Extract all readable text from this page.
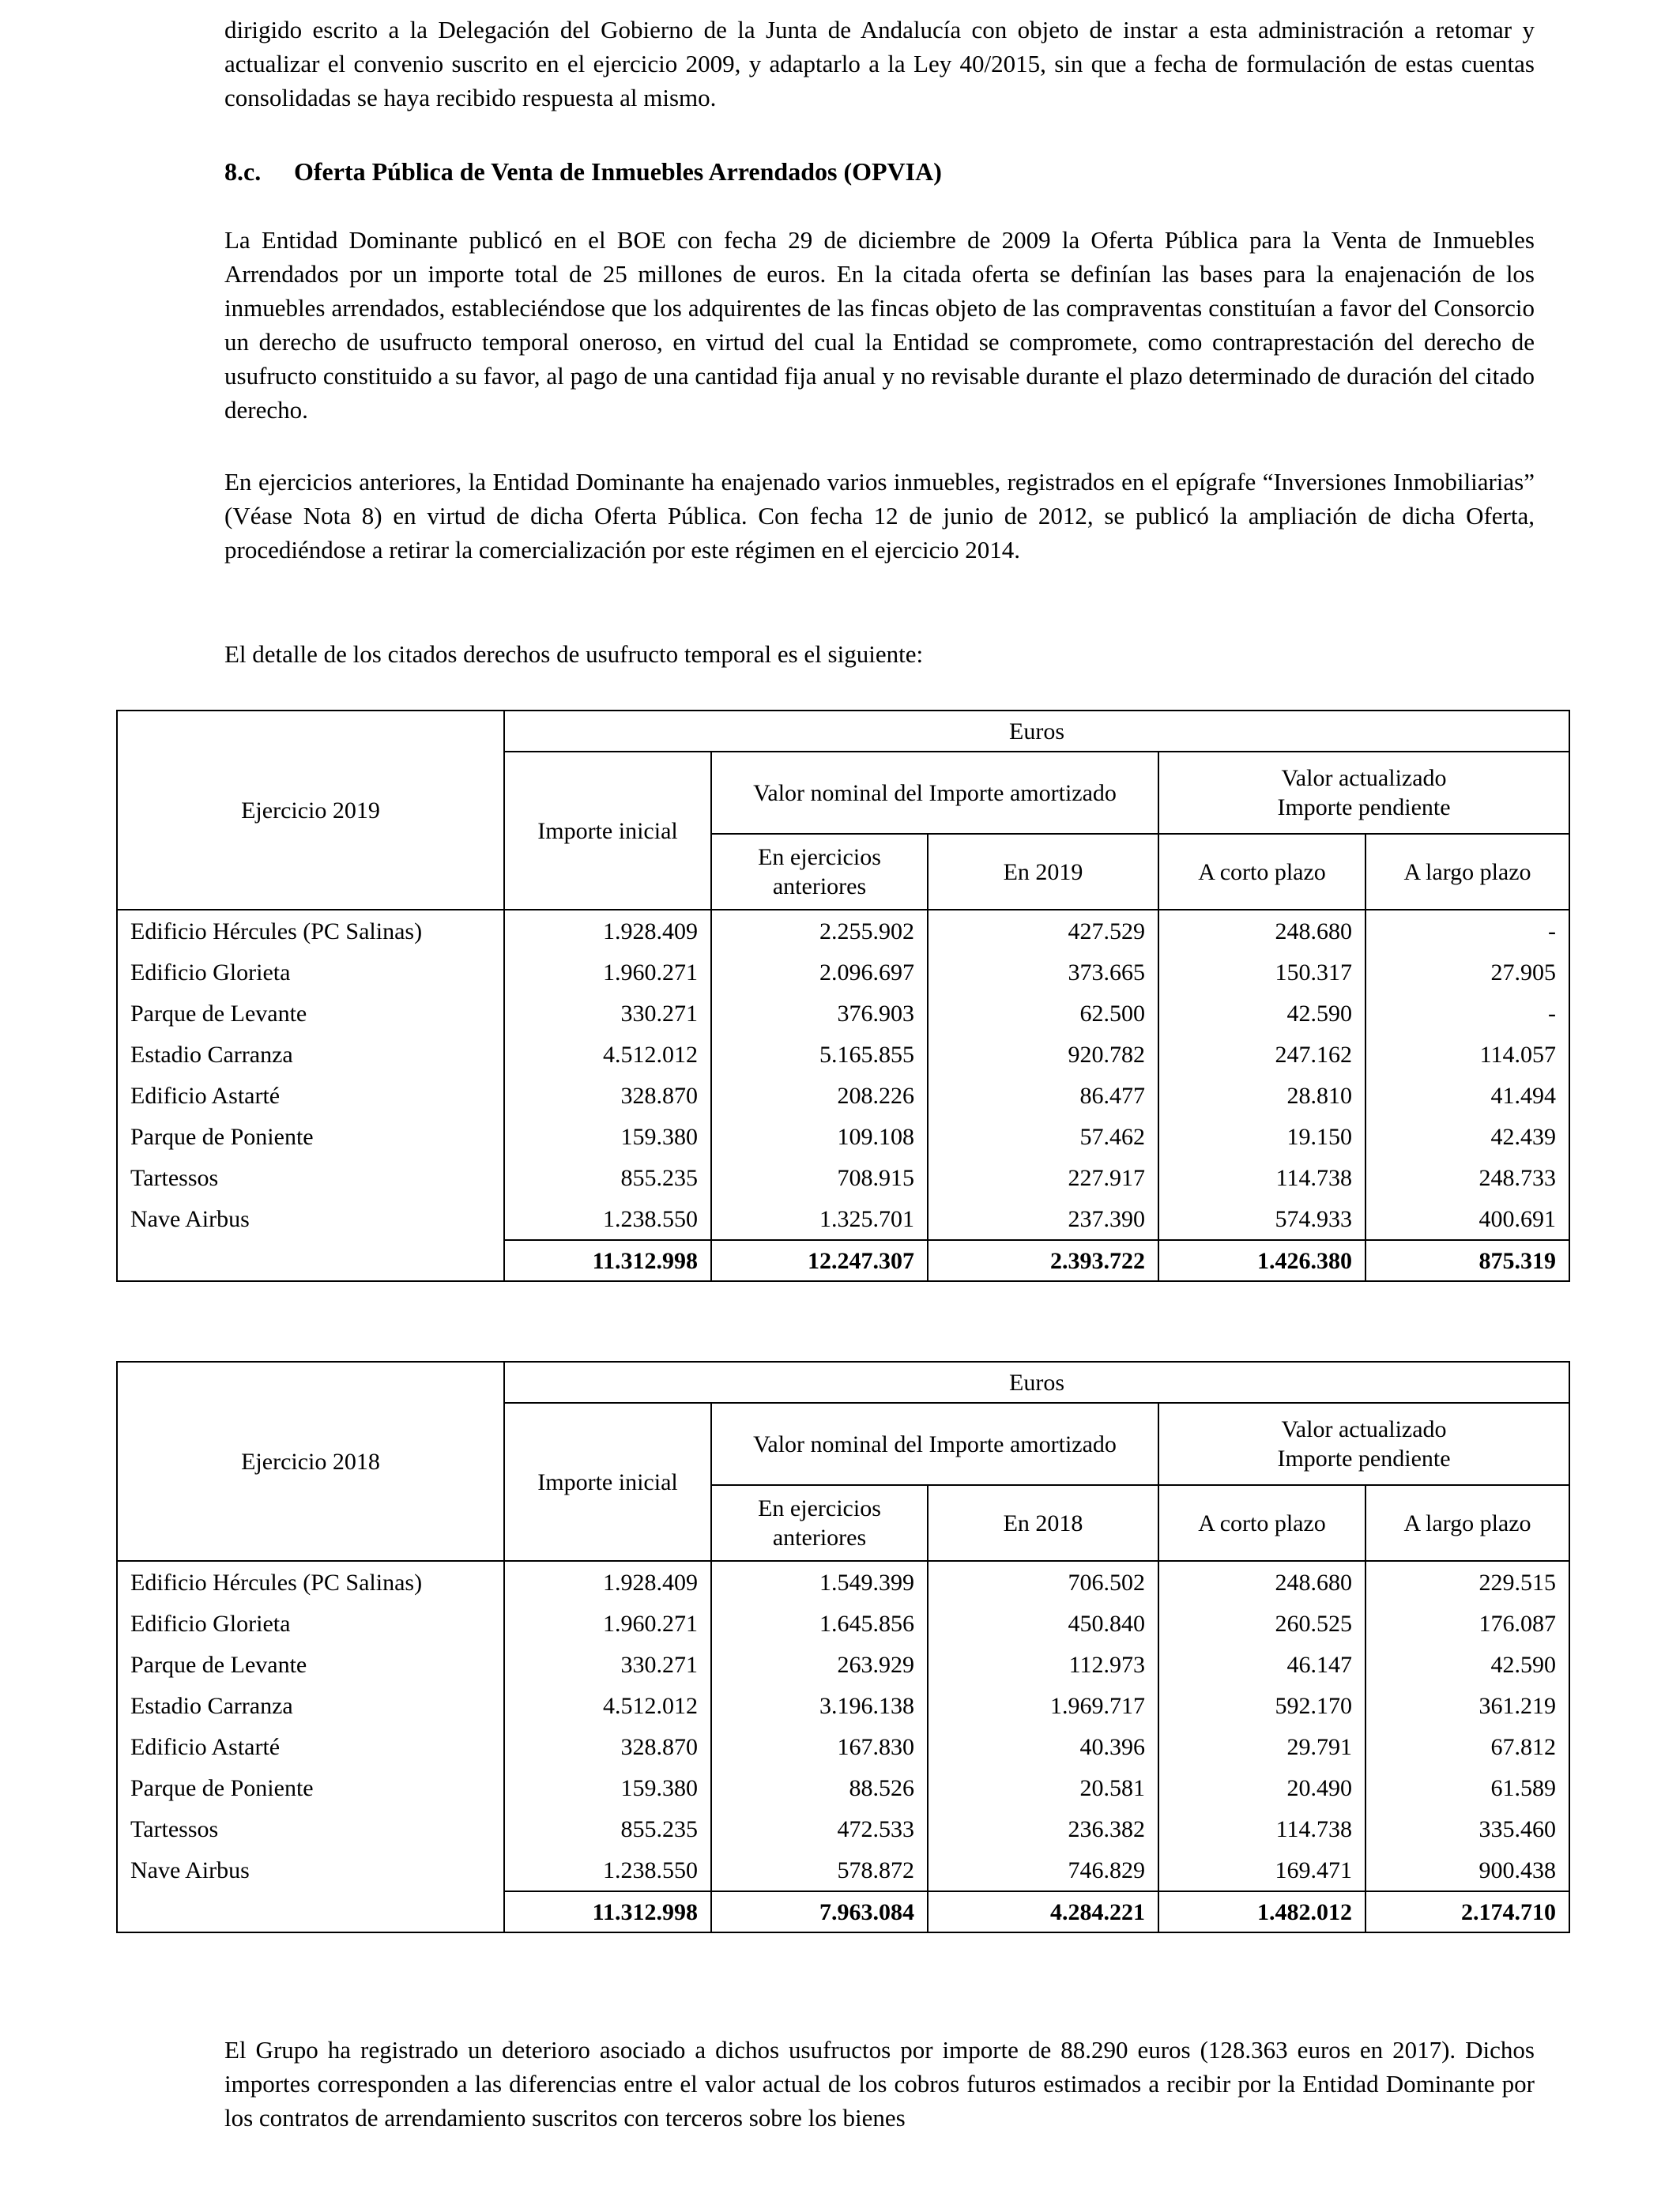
dirigido escrito a la Delegación del Gobierno de la Junta de Andalucía con objeto de instar a esta administración a retomar y actualizar el convenio suscrito en el ejercicio 2009, y adaptarlo a la Ley 40/2015, sin que a fecha de formulación de estas cuentas consolidadas se haya recibido respuesta al mismo.

8.c. Oferta Pública de Venta de Inmuebles Arrendados (OPVIA)

La Entidad Dominante publicó en el BOE con fecha 29 de diciembre de 2009 la Oferta Pública para la Venta de Inmuebles Arrendados por un importe total de 25 millones de euros. En la citada oferta se definían las bases para la enajenación de los inmuebles arrendados, estableciéndose que los adquirentes de las fincas objeto de las compraventas constituían a favor del Consorcio un derecho de usufructo temporal oneroso, en virtud del cual la Entidad se compromete, como contraprestación del derecho de usufructo constituido a su favor, al pago de una cantidad fija anual y no revisable durante el plazo determinado de duración del citado derecho.

En ejercicios anteriores, la Entidad Dominante ha enajenado varios inmuebles, registrados en el epígrafe “Inversiones Inmobiliarias” (Véase Nota 8) en virtud de dicha Oferta Pública. Con fecha 12 de junio de 2012, se publicó la ampliación de dicha Oferta, procediéndose a retirar la comercialización por este régimen en el ejercicio 2014.

El detalle de los citados derechos de usufructo temporal es el siguiente:

Ejercicio 2019	Euros				
	Importe inicial	Valor nominal del Importe amortizado		Valor actualizado
Importe pendiente	
		En ejercicios
anteriores	En 2019	A corto plazo	A largo plazo
Edificio Hércules (PC Salinas)	1.928.409	2.255.902	427.529	248.680	-
Edificio Glorieta	1.960.271	2.096.697	373.665	150.317	27.905
Parque de Levante	330.271	376.903	62.500	42.590	-
Estadio Carranza	4.512.012	5.165.855	920.782	247.162	114.057
Edificio Astarté	328.870	208.226	86.477	28.810	41.494
Parque de Poniente	159.380	109.108	57.462	19.150	42.439
Tartessos	855.235	708.915	227.917	114.738	248.733
Nave Airbus	1.238.550	1.325.701	237.390	574.933	400.691
	11.312.998	12.247.307	2.393.722	1.426.380	875.319
Ejercicio 2018	Euros				
	Importe inicial	Valor nominal del Importe amortizado		Valor actualizado
Importe pendiente	
		En ejercicios
anteriores	En 2018	A corto plazo	A largo plazo
Edificio Hércules (PC Salinas)	1.928.409	1.549.399	706.502	248.680	229.515
Edificio Glorieta	1.960.271	1.645.856	450.840	260.525	176.087
Parque de Levante	330.271	263.929	112.973	46.147	42.590
Estadio Carranza	4.512.012	3.196.138	1.969.717	592.170	361.219
Edificio Astarté	328.870	167.830	40.396	29.791	67.812
Parque de Poniente	159.380	88.526	20.581	20.490	61.589
Tartessos	855.235	472.533	236.382	114.738	335.460
Nave Airbus	1.238.550	578.872	746.829	169.471	900.438
	11.312.998	7.963.084	4.284.221	1.482.012	2.174.710

El Grupo ha registrado un deterioro asociado a dichos usufructos por importe de 88.290 euros (128.363 euros en 2017). Dichos importes corresponden a las diferencias entre el valor actual de los cobros futuros estimados a recibir por la Entidad Dominante por los contratos de arrendamiento suscritos con terceros sobre los bienes
